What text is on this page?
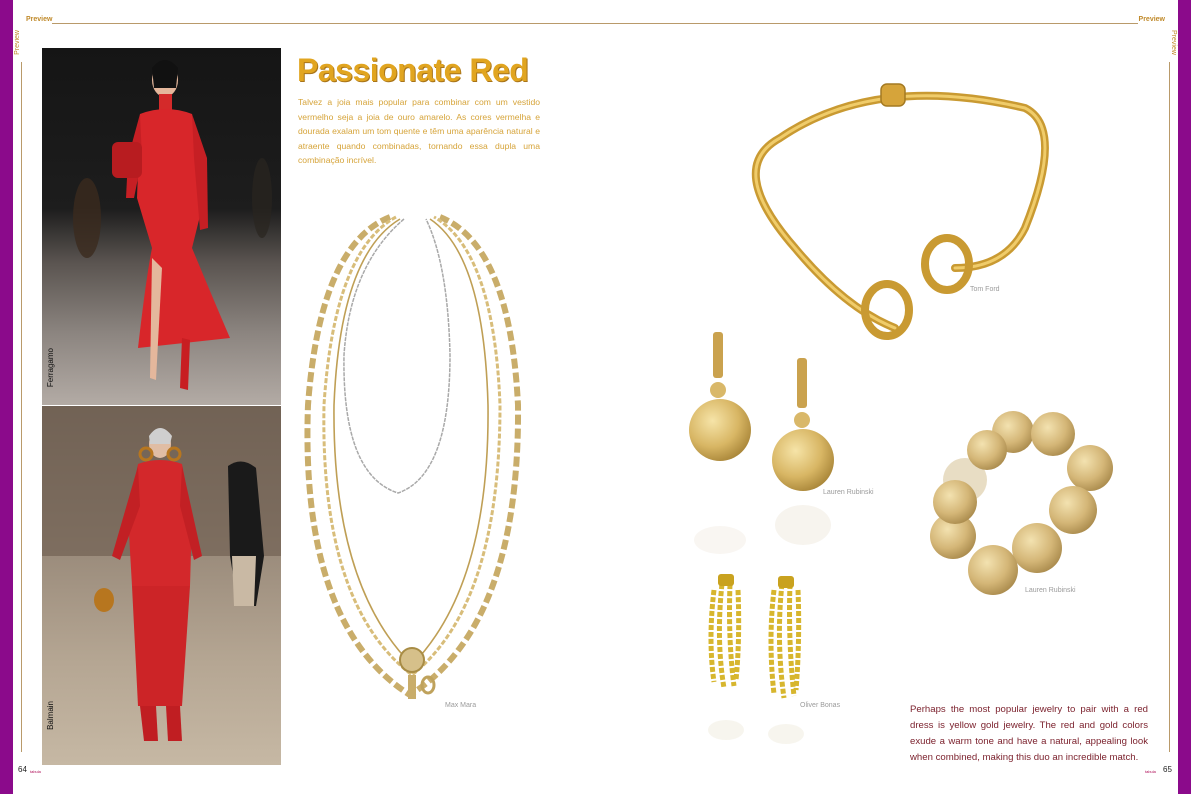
Preview	Preview
Preview	Preview
Ferragamo
Balmain
Passionate Red
Talvez a joia mais popular para combinar com um vestido vermelho seja a joia de ouro amarelo. As cores vermelha e dourada exalam um tom quente e têm uma aparência natural e atraente quando combinadas, tornando essa dupla uma combinação incrível.
Max Mara
Tom Ford
Lauren Rubinski
Lauren Rubinski
Oliver Bonas	Perhaps the most popular jewelry to pair with a red dress is yellow gold jewelry. The red and gold colors exude a warm tone and have a natural, appealing look when combined, making this duo an incredible match.
64 tabula	tabula 65
